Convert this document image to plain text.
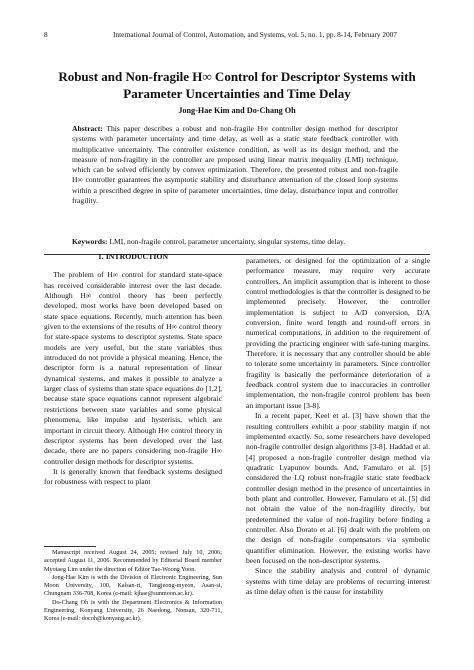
8	International Journal of Control, Automation, and Systems, vol. 5, no. 1, pp. 8-14, February 2007
Robust and Non-fragile H∞ Control for Descriptor Systems with
Parameter Uncertainties and Time Delay
Jong-Hae Kim and Do-Chang Oh
Abstract: This paper describes a robust and non-fragile H∞ controller design method for descriptor systems with parameter uncertainty and time delay, as well as a static state feedback controller with multiplicative uncertainty. The controller existence condition, as well as its design method, and the measure of non-fragility in the controller are proposed using linear matrix inequality (LMI) technique, which can be solved efficiently by convex optimization. Therefore, the presented robust and non-fragile H∞ controller guarantees the asymptotic stability and disturbance attenuation of the closed loop systems within a prescribed degree in spite of parameter uncertainties, time delay, disturbance input and controller fragility.
Keywords: LMI, non-fragile control, parameter uncertainty, singular systems, time delay.
1. INTRODUCTION

The problem of H∞ control for standard state-space has received considerable interest over the last decade. Although H∞ control theory has been perfectly developed, most works have been developed based on state space equations. Recently, much attention has been given to the extensions of the results of H∞ control theory for state-space systems to descriptor systems. State space models are very useful, but the state variables thus introduced do not provide a physical meaning. Hence, the descriptor form is a natural representation of linear dynamical systems, and makes it possible to analyze a larger class of systems than state space equations do [1,2], because state space equations cannot represent algebraic restrictions between state variables and some physical phenomena, like impulse and hysterisis, which are important in circuit theory. Although H∞ control theory in descriptor systems has been developed over the last decade, there are no papers considering non-fragile H∞ controller design methods for descriptor systems.

It is generally known that feedback systems designed for robustness with respect to plant

Manuscript received August 24, 2005; revised July 10, 2006; accepted August 11, 2006. Recommended by Editorial Board member Myotaeg Lim under the direction of Editor Tae-Woong Yoon.

Jong-Hae Kim is with the Division of Electronic Engineering, Sun Moon University, 100, Kalsan-ri, Tangjeong-myeon, Asan-si, Chungnam 336-708, Korea (e-mail: kjhae@sunmoon.ac.kr).

Do-Chang Oh is with the Department Electronics & Information Engineering, Konyang University, 26 Naedong, Nonsan, 320-711, Korea (e-mail: docoh@konyang.ac.kr).

parameters, or designed for the optimization of a single performance measure, may require very accurate controllers. An implicit assumption that is inherent to those control methodologies is that the controller is designed to be implemented precisely. However, the controller implementation is subject to A/D conversion, D/A conversion, finite word length and round-off errors in numerical computations, in addition to the requirement of providing the practicing engineer with safe-tuning margins. Therefore, it is necessary that any controller should be able to tolerate some uncertainty in parameters. Since controller fragility is basically the performance deterioration of a feedback control system due to inaccuracies in controller implementation, the non-fragile control problem has been an important issue [3-8].

In a recent paper, Keel et al. [3] have shown that the resulting controllers exhibit a poor stability margin if not implemented exactly. So, some researchers have developed non-fragile controller design algorithms [3-8]. Haddad et al. [4] proposed a non-fragile controller design method via quadratic Lyapunov bounds. And, Famularo et al. [5] considered the LQ robust non-fragile static state feedback controller design method in the presence of uncertainties in both plant and controller. However, Famularo et al. [5] did not obtain the value of the non-fragility directly, but predetermined the value of non-fragility before finding a controller. Also Dorato et al. [6] dealt with the problem on the design of non-fragile compensators via symbolic quantifier elimination. However, the existing works have been focused on the non-descriptor systems.

Since the stability analysis and control of dynamic systems with time delay are problems of recurring interest as time delay often is the cause for instability
